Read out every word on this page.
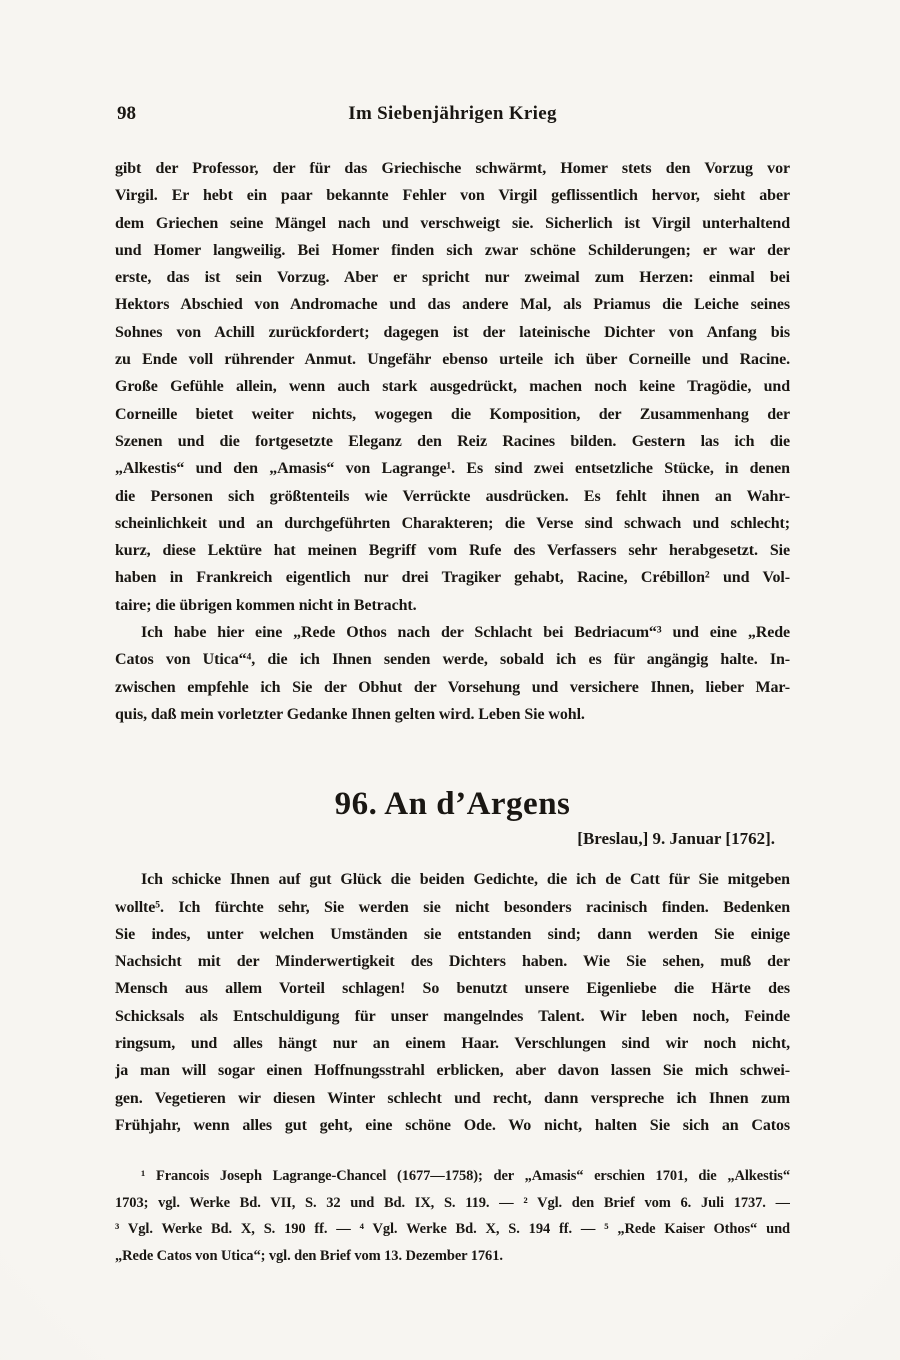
98	Im Siebenjährigen Krieg
gibt der Professor, der für das Griechische schwärmt, Homer stets den Vorzug vor
Virgil. Er hebt ein paar bekannte Fehler von Virgil geflissentlich hervor, sieht aber
dem Griechen seine Mängel nach und verschweigt sie. Sicherlich ist Virgil unterhaltend
und Homer langweilig. Bei Homer finden sich zwar schöne Schilderungen; er war der
erste, das ist sein Vorzug. Aber er spricht nur zweimal zum Herzen: einmal bei
Hektors Abschied von Andromache und das andere Mal, als Priamus die Leiche seines
Sohnes von Achill zurückfordert; dagegen ist der lateinische Dichter von Anfang bis
zu Ende voll rührender Anmut. Ungefähr ebenso urteile ich über Corneille und Racine.
Große Gefühle allein, wenn auch stark ausgedrückt, machen noch keine Tragödie, und
Corneille bietet weiter nichts, wogegen die Komposition, der Zusammenhang der
Szenen und die fortgesetzte Eleganz den Reiz Racines bilden. Gestern las ich die
„Alkestis“ und den „Amasis“ von Lagrange¹. Es sind zwei entsetzliche Stücke, in denen
die Personen sich größtenteils wie Verrückte ausdrücken. Es fehlt ihnen an Wahr-
scheinlichkeit und an durchgeführten Charakteren; die Verse sind schwach und schlecht;
kurz, diese Lektüre hat meinen Begriff vom Rufe des Verfassers sehr herabgesetzt. Sie
haben in Frankreich eigentlich nur drei Tragiker gehabt, Racine, Crébillon² und Vol-
taire; die übrigen kommen nicht in Betracht.
Ich habe hier eine „Rede Othos nach der Schlacht bei Bedriacum“³ und eine „Rede
Catos von Utica“⁴, die ich Ihnen senden werde, sobald ich es für angängig halte. In-
zwischen empfehle ich Sie der Obhut der Vorsehung und versichere Ihnen, lieber Mar-
quis, daß mein vorletzter Gedanke Ihnen gelten wird. Leben Sie wohl.
96. An d’Argens
[Breslau,] 9. Januar [1762].
Ich schicke Ihnen auf gut Glück die beiden Gedichte, die ich de Catt für Sie mitgeben
wollte⁵. Ich fürchte sehr, Sie werden sie nicht besonders racinisch finden. Bedenken
Sie indes, unter welchen Umständen sie entstanden sind; dann werden Sie einige
Nachsicht mit der Minderwertigkeit des Dichters haben. Wie Sie sehen, muß der
Mensch aus allem Vorteil schlagen! So benutzt unsere Eigenliebe die Härte des
Schicksals als Entschuldigung für unser mangelndes Talent. Wir leben noch, Feinde
ringsum, und alles hängt nur an einem Haar. Verschlungen sind wir noch nicht,
ja man will sogar einen Hoffnungsstrahl erblicken, aber davon lassen Sie mich schwei-
gen. Vegetieren wir diesen Winter schlecht und recht, dann verspreche ich Ihnen zum
Frühjahr, wenn alles gut geht, eine schöne Ode. Wo nicht, halten Sie sich an Catos
¹ Francois Joseph Lagrange-Chancel (1677—1758); der „Amasis“ erschien 1701, die „Alkestis“
1703; vgl. Werke Bd. VII, S. 32 und Bd. IX, S. 119. — ² Vgl. den Brief vom 6. Juli 1737. —
³ Vgl. Werke Bd. X, S. 190 ff. — ⁴ Vgl. Werke Bd. X, S. 194 ff. — ⁵ „Rede Kaiser Othos“ und
„Rede Catos von Utica“; vgl. den Brief vom 13. Dezember 1761.
